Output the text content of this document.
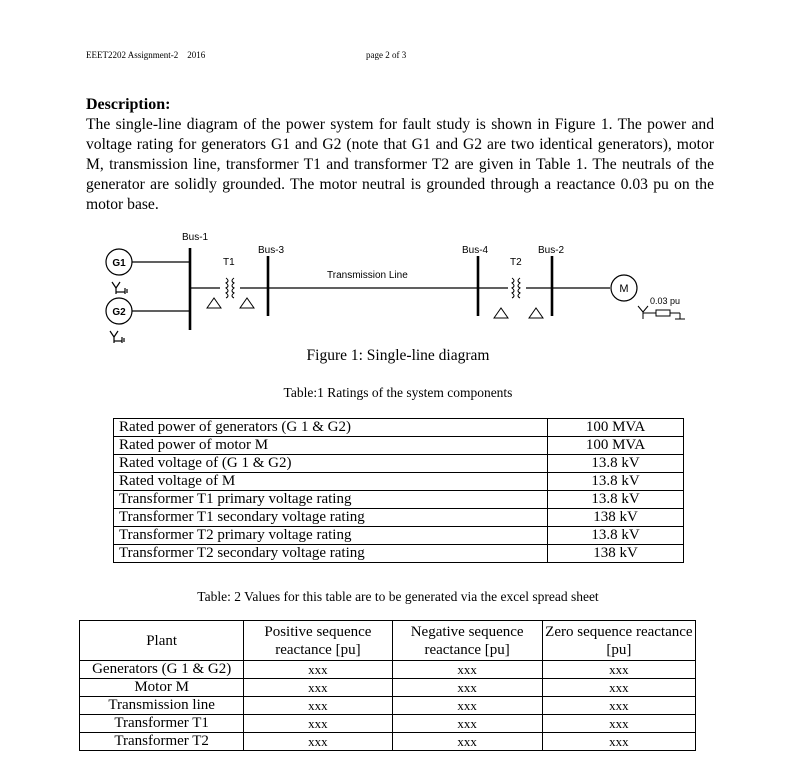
EEET2202 Assignment-2    2016	page 2 of 3
Description:
The single-line diagram of the power system for fault study is shown in Figure 1. The power and voltage rating for generators G1 and G2 (note that G1 and G2 are two identical generators), motor M, transmission line, transformer T1 and transformer T2 are given in Table 1. The neutrals of the generator are solidly grounded. The motor neutral is grounded through a reactance 0.03 pu on the motor base.
Bus-1
Bus-3	Bus-4	Bus-2
T1	T2
G1
G2
M
Transmission Line
0.03 pu
Figure 1: Single-line diagram
Table:1 Ratings of the system components
Rated power of generators (G 1 & G2)	100 MVA
Rated power of motor M	100 MVA
Rated voltage of (G 1 & G2)	13.8 kV
Rated voltage of M	13.8 kV
Transformer T1 primary voltage rating	13.8 kV
Transformer T1 secondary voltage rating	138 kV
Transformer T2 primary voltage rating	13.8 kV
Transformer T2 secondary voltage rating	138 kV
Table: 2 Values for this table are to be generated via the excel spread sheet
Plant	Positive sequence reactance [pu]	Negative sequence reactance [pu]	Zero sequence reactance [pu]
Generators (G 1 & G2)	xxx	xxx	xxx
Motor M	xxx	xxx	xxx
Transmission line	xxx	xxx	xxx
Transformer T1	xxx	xxx	xxx
Transformer T2	xxx	xxx	xxx
